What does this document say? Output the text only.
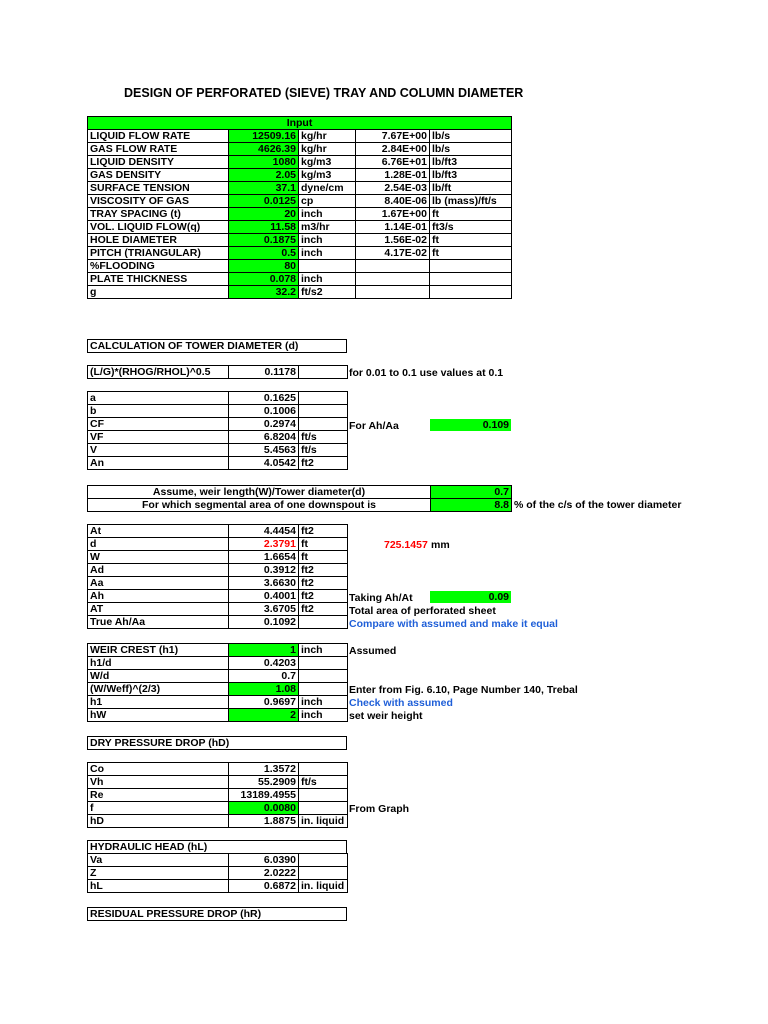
DESIGN OF PERFORATED (SIEVE) TRAY AND COLUMN DIAMETER
Input				
LIQUID FLOW RATE	12509.16	kg/hr	7.67E+00	lb/s
GAS FLOW RATE	4626.39	kg/hr	2.84E+00	lb/s
LIQUID DENSITY	1080	kg/m3	6.76E+01	lb/ft3
GAS DENSITY	2.05	kg/m3	1.28E-01	lb/ft3
SURFACE TENSION	37.1	dyne/cm	2.54E-03	lb/ft
VISCOSITY OF GAS	0.0125	cp	8.40E-06	lb (mass)/ft/s
TRAY SPACING (t)	20	inch	1.67E+00	ft
VOL. LIQUID FLOW(q)	11.58	m3/hr	1.14E-01	ft3/s
HOLE DIAMETER	0.1875	inch	1.56E-02	ft
PITCH (TRIANGULAR)	0.5	inch	4.17E-02	ft
%FLOODING	80			
PLATE THICKNESS	0.078	inch		
g	32.2	ft/s2		
CALCULATION OF TOWER DIAMETER (d)
(L/G)*(RHOG/RHOL)^0.5	0.1178		for 0.01 to 0.1 use values at 0.1
a	0.1625	
b	0.1006	
CF	0.2974	
VF	6.8204	ft/s
V	5.4563	ft/s
An	4.0542	ft2
For Ah/Aa	0.109
Assume, weir length(W)/Tower diameter(d)	0.7
For which segmental area of one downspout is	8.8 % of the c/s of the tower diameter
At	4.4454	ft2
d	2.3791	ft
W	1.6654	ft
Ad	0.3912	ft2
Aa	3.6630	ft2
Ah	0.4001	ft2
AT	3.6705	ft2
True Ah/Aa	0.1092	
725.1457 mm
Taking Ah/At	0.09
Total area of perforated sheet
Compare with assumed and make it equal
WEIR CREST (h1)	1	inch
h1/d	0.4203	
W/d	0.7	
(W/Weff)^(2/3)	1.08	
h1	0.9697	inch
hW	2	inch
Assumed
Enter from Fig. 6.10, Page Number 140, Trebal
Check with assumed
set weir height
DRY PRESSURE DROP (hD)
Co	1.3572	
Vh	55.2909	ft/s
Re	13189.4955	
f	0.0080	
hD	1.8875	in. liquid
From Graph
HYDRAULIC HEAD (hL)
Va	6.0390	
Z	2.0222	
hL	0.6872	in. liquid
RESIDUAL PRESSURE DROP (hR)
